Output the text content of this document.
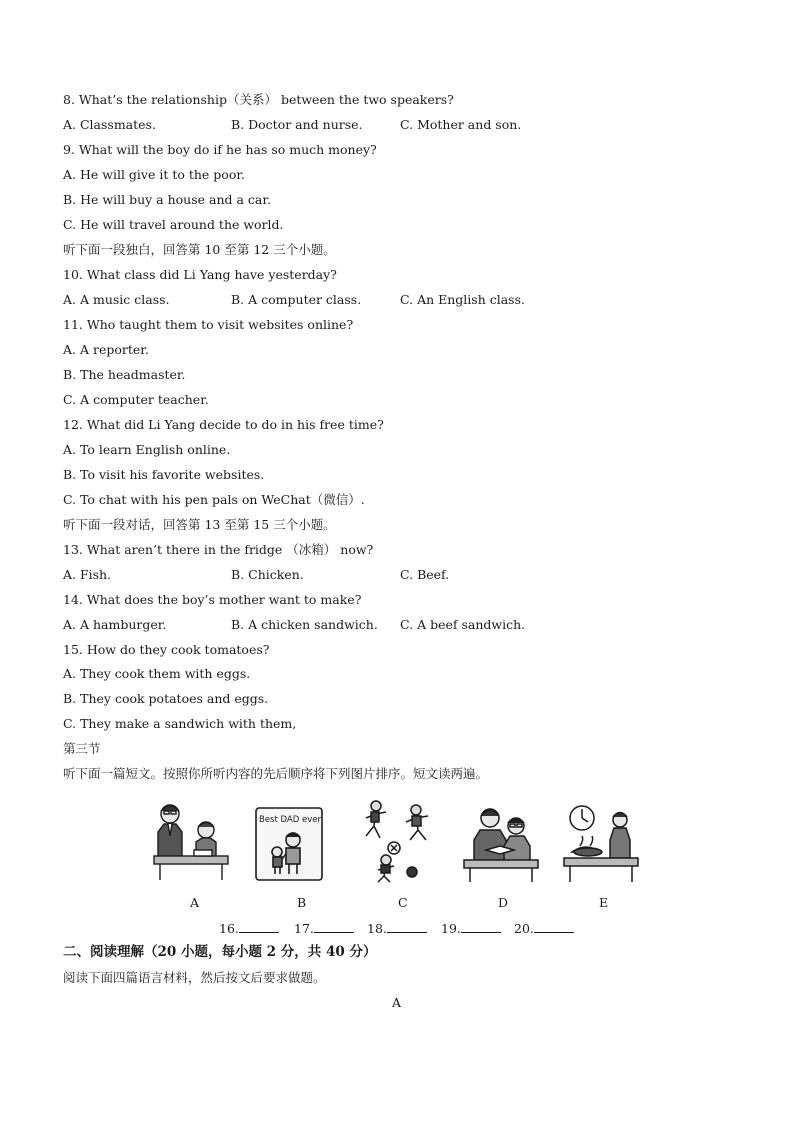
8. What’s the relationship（关系） between the two speakers?
A. Classmates.	B. Doctor and nurse.	C. Mother and son.
9. What will the boy do if he has so much money?
A. He will give it to the poor.
B. He will buy a house and a car.
C. He will travel around the world.
听下面一段独白，回答第 10 至第 12 三个小题。
10. What class did Li Yang have yesterday?
A. A music class.	B. A computer class.	C. An English class.
11. Who taught them to visit websites online?
A. A reporter.
B. The headmaster.
C. A computer teacher.
12. What did Li Yang decide to do in his free time?
A. To learn English online.
B. To visit his favorite websites.
C. To chat with his pen pals on WeChat（微信）.
听下面一段对话，回答第 13 至第 15 三个小题。
13. What aren’t there in the fridge （冰箱） now?
A. Fish.	B. Chicken.	C. Beef.
14. What does the boy’s mother want to make?
A. A hamburger.	B. A chicken sandwich. C. A beef sandwich.
15. How do they cook tomatoes?
A. They cook them with eggs.
B. They cook potatoes and eggs.
C. They make a sandwich with them,
第三节
听下面一篇短文。按照你所听内容的先后顺序将下列图片排序。短文读两遍。
Best DAD ever
A	B	C	D	E
16.	17.	18.	19.	20.
二、阅读理解（20 小题，每小题 2 分，共 40 分）
阅读下面四篇语言材料，然后按文后要求做题。
A
